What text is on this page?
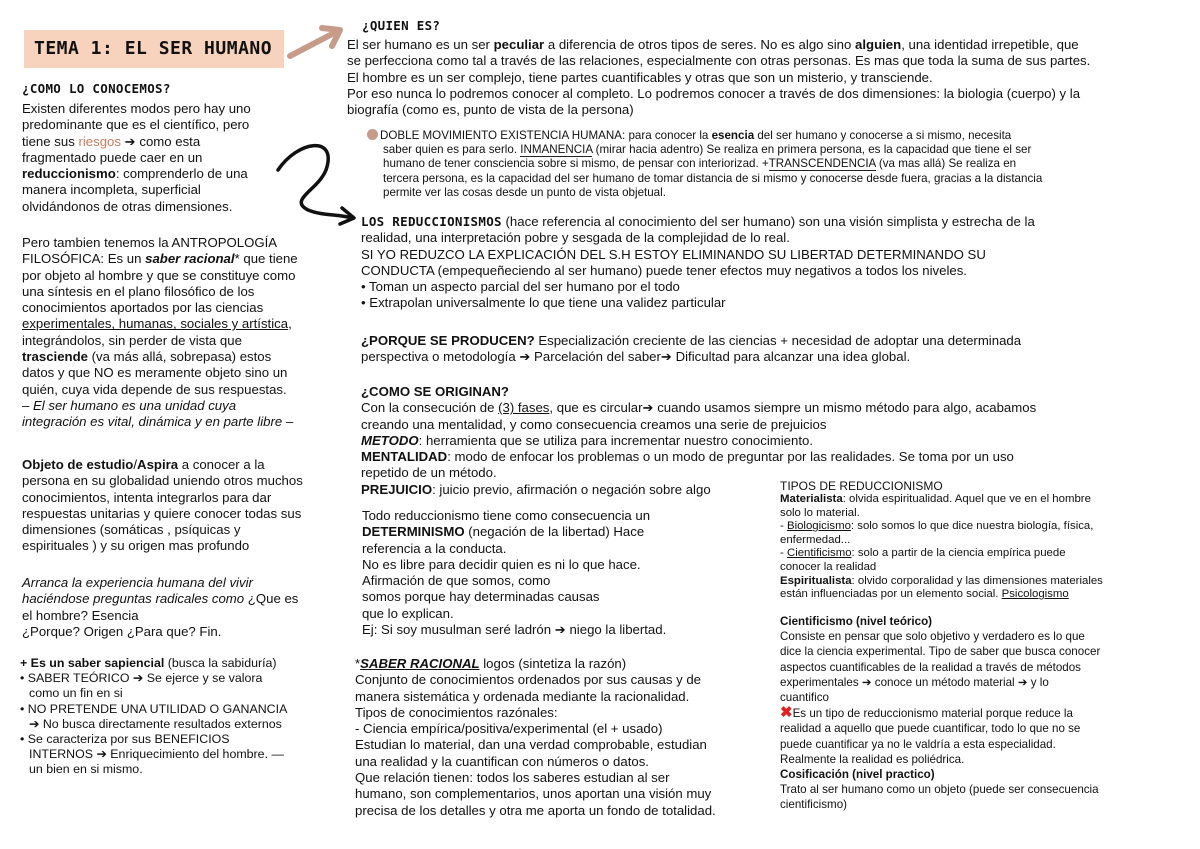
TEMA 1: EL SER HUMANO
¿COMO LO CONOCEMOS?
Existen diferentes modos pero hay uno
predominante que es el científico, pero
tiene sus riesgos ➔ como esta
fragmentado puede caer en un
reduccionismo: comprenderlo de una
manera incompleta, superficial
olvidándonos de otras dimensiones.
Pero tambien tenemos la ANTROPOLOGÍA
FILOSÓFICA: Es un saber racional* que tiene
por objeto al hombre y que se constituye como
una síntesis en el plano filosófico de los
conocimientos aportados por las ciencias
experimentales, humanas, sociales y artística,
integrándolos, sin perder de vista que
trasciende (va más allá, sobrepasa) estos
datos y que NO es meramente objeto sino un
quién, cuya vida depende de sus respuestas.
– El ser humano es una unidad cuya
integración es vital, dinámica y en parte libre –
Objeto de estudio/Aspira a conocer a la
persona en su globalidad uniendo otros muchos
conocimientos, intenta integrarlos para dar
respuestas unitarias y quiere conocer todas sus
dimensiones (somáticas , psíquicas y
espirituales ) y su origen mas profundo
Arranca la experiencia humana del vivir
haciéndose preguntas radicales como ¿Que es
el hombre? Esencia
¿Porque? Origen ¿Para que? Fin.
+ Es un saber sapiencial (busca la sabiduría)
• SABER TEÓRICO ➔ Se ejerce y se valora
como un fin en si
• NO PRETENDE UNA UTILIDAD O GANANCIA
➔ No busca directamente resultados externos
• Se caracteriza por sus BENEFICIOS
INTERNOS ➔ Enriquecimiento del hombre. —
un bien en si mismo.
¿QUIEN ES?
El ser humano es un ser peculiar a diferencia de otros tipos de seres. No es algo sino alguien, una identidad irrepetible, que
se perfecciona como tal a través de las relaciones, especialmente con otras personas. Es mas que toda la suma de sus partes.
El hombre es un ser complejo, tiene partes cuantificables y otras que son un misterio, y transciende.
Por eso nunca lo podremos conocer al completo. Lo podremos conocer a través de dos dimensiones: la biologia (cuerpo) y la
biografía (como es, punto de vista de la persona)
DOBLE MOVIMIENTO EXISTENCIA HUMANA: para conocer la esencia del ser humano y conocerse a si mismo, necesita
saber quien es para serlo. INMANENCIA (mirar hacia adentro) Se realiza en primera persona, es la capacidad que tiene el ser
humano de tener consciencia sobre si mismo, de pensar con interiorizad. +TRANSCENDENCIA (va mas allá) Se realiza en
tercera persona, es la capacidad del ser humano de tomar distancia de si mismo y conocerse desde fuera, gracias a la distancia
permite ver las cosas desde un punto de vista objetual.
LOS REDUCCIONISMOS (hace referencia al conocimiento del ser humano) son una visión simplista y estrecha de la
realidad, una interpretación pobre y sesgada de la complejidad de lo real.
SI YO REDUZCO LA EXPLICACIÓN DEL S.H ESTOY ELIMINANDO SU LIBERTAD DETERMINANDO SU
CONDUCTA (empequeñeciendo al ser humano) puede tener efectos muy negativos a todos los niveles.
• Toman un aspecto parcial del ser humano por el todo
• Extrapolan universalmente lo que tiene una validez particular
¿PORQUE SE PRODUCEN? Especialización creciente de las ciencias + necesidad de adoptar una determinada
perspectiva o metodología ➔ Parcelación del saber➔ Dificultad para alcanzar una idea global.
¿COMO SE ORIGINAN?
Con la consecución de (3) fases, que es circular➔ cuando usamos siempre un mismo método para algo, acabamos
creando una mentalidad, y como consecuencia creamos una serie de prejuicios
METODO: herramienta que se utiliza para incrementar nuestro conocimiento.
MENTALIDAD: modo de enfocar los problemas o un modo de preguntar por las realidades. Se toma por un uso
repetido de un método.
PREJUICIO: juicio previo, afirmación o negación sobre algo
Todo reduccionismo tiene como consecuencia un
DETERMINISMO (negación de la libertad) Hace
referencia a la conducta.
No es libre para decidir quien es ni lo que hace.
Afirmación de que somos, como
somos porque hay determinadas causas
que lo explican.
Ej: Si soy musulman seré ladrón ➔ niego la libertad.
*SABER RACIONAL logos (sintetiza la razón)
Conjunto de conocimientos ordenados por sus causas y de
manera sistemática y ordenada mediante la racionalidad.
Tipos de conocimientos razónales:
- Ciencia empírica/positiva/experimental (el + usado)
Estudian lo material, dan una verdad comprobable, estudian
una realidad y la cuantifican con números o datos.
Que relación tienen: todos los saberes estudian al ser
humano, son complementarios, unos aportan una visión muy
precisa de los detalles y otra me aporta un fondo de totalidad.
TIPOS DE REDUCCIONISMO
Materialista: olvida espiritualidad. Aquel que ve en el hombre
solo lo material.
- Biologicismo: solo somos lo que dice nuestra biología, física,
enfermedad...
- Cientificismo: solo a partir de la ciencia empírica puede
conocer la realidad
Espiritualista: olvido corporalidad y las dimensiones materiales
están influenciadas por un elemento social. Psicologismo
Cientificismo (nivel teórico)
Consiste en pensar que solo objetivo y verdadero es lo que
dice la ciencia experimental. Tipo de saber que busca conocer
aspectos cuantificables de la realidad a través de métodos
experimentales ➔ conoce un método material ➔ y lo
cuantifico
✖Es un tipo de reduccionismo material porque reduce la
realidad a aquello que puede cuantificar, todo lo que no se
puede cuantificar ya no le valdría a esta especialidad.
Realmente la realidad es poliédrica.
Cosificación (nivel practico)
Trato al ser humano como un objeto (puede ser consecuencia
cientificismo)
